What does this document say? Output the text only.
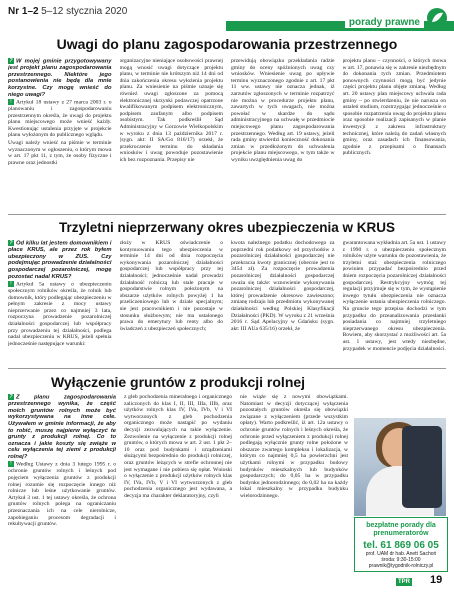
Nr 1–2 5–12 stycznia 2020
porady prawne
Uwagi do planu zagospodarowania przestrzennego

? W mojej gminie przygotowywany jest projekt planu zagospodarowania przestrzennego. Niektóre jego postanowienia nie będą dla mnie korzystne. Czy mogę wnieść do niego uwagi?

! Artykuł 18 ustawy z 27 marca 2003 r. o planowaniu i zagospodarowaniu przestrzennym określa, że uwagi do projektu planu miejscowego może wnieść każdy. Kwestionując ustalenia przyjęte w projekcie planu wyłożonym do publicznego wglądu.

Uwagi należy wnieść na piśmie w terminie wyznaczonym w ogłoszeniu, o którym mowa w art. 17 pkt 11, z tym, że osoby fizyczne i prawne oraz jednostki

organizacyjne nieniające osobowości prawnej mogą wnosić uwagi dotyczące projektu planu, w terminie nie krótszym niż 14 dni od dnia zakończenia okresu wyłożenia projektu planu. Za wniesienie na piśmie uznaje się również uwagi zgłoszone za pomocą elektronicznej skrzynki podawczej opatrzone kwalifikowanym podpisem elektronicznym, podpisem zaufanym albo podpisem osobistym. Tak podkreślił Sąd Administracyjny w Gorzowie Wielkopolskim w wyroku z dnia 13 października 2017 r. (sygn. akt: II SA/Go 816/17) orzekł, że przekroczenie terminu do składania wniosków i uwag powoduje pozostawienie ich bez rozpoznania. Przepisy nie
przewidują obowiązku przekładania radzie gminy do oceny spóźnionych uwag czy wniosków. Wniesienie uwag po upływie terminu wyznaczonego zgodnie z art. 17 pkt 11 ww. ustawy nie oznacza jednak, iż zarzutów zgłoszonych w terminie rozpatrzyć nie można w procedurze projektu planu, zawartych w tych uwagach, nie można powołać w skardze do sądu administracyjnego na uchwałę w przedmiocie miejscowego planu zagospodarowania przestrzennego. Według art. 19 ustawy, jeżeli rada gminy stwierdzi konieczność dokonania zmian w przedłożonym do uchwalenia projekcie planu miejscowego, w tym także w wyniku uwzględnienia uwag do
projektu planu – czynności, o których mowa w art. 17, ponawia się w zakresie niezbędnym do dokonania tych zmian. Przedmiotem ponownych czynności mogą być jedynie części projektu planu objęte zmianą. Według art. 20 ustawy plan miejscowy uchwala rada gminy – po stwierdzeniu, że nie narusza on ustaleń studium, rozstrzygając jednocześnie o sposobie rozpatrzenia uwag do projektu planu oraz sposobie realizacji zapisanych w planie inwestycji z zakresu infrastruktury technicznej, które należą do zadań własnych gminy, oraz zasadach ich finansowania, zgodnie z przepisami o finansach publicznych.
Trzyletni nieprzerwany okres ubezpieczenia w KRUS

? Od kilku lat jestem domownikiem i płace KRUS, ale przez rok byłem ubezpieczony w ZUS. Czy podejmując prowadzenie działalności gospodarczej pozarolniczej, mogę pozostać nadal KRUS?

! Artykuł 5a ustawy o ubezpieczeniu społecznym rolników określa, że rolnik lub domownik, który podlegając ubezpieczeniu w pełnym zakresie z mocy ustawy nieprzerwanie przez co najmniej 3 lata, rozpoczyna prowadzenie pozarolniczej działalności gospodarczej lub współpracy przy prowadzeniu tej działalności, podlega nadal ubezpieczeniu w KRUS, jeżeli spełnia jednocześnie następujące warunki:

złoży w KRUS oświadczenie o kontynuowaniu tego ubezpieczenia w terminie 14 dni od dnia rozpoczęcia wykonywania pozarolniczej działalności gospodarczej lub współpracy przy tej działalności; jednocześnie nadal prowadzi działalność rolniczą lub stale pracuje w gospodarstwie rolnym położonym na obszarze użytków rolnych powyżej 1 ha przeliczeniowego lub w dziale specjalnym; nie jest pracownikiem i nie pozostaje w stosunku służbowym; nie ma ustalonego prawa do emerytury lub renty albo do świadczeń z ubezpieczeń społecznych;
kwota należnego podatku dochodowego za poprzedni rok podatkowy od przychodów z pozarolniczej działalności gospodarczej nie przekracza kwoty granicznej (obecnie jest to 3454 zł). Za rozpoczęcie prowadzenia pozarolniczej działalności gospodarczej uważa się także: wznowienie wykonywania pozarolniczej działalności gospodarczej, której prowadzenie okresowo zawieszono; zmianę rodzaju lub przedmiotu wykonywanej działalności według Polskiej Klasyfikacji Działalności (PKD). W wyroku z 21 września 2016 r. Sąd Apelacyjny w Gdańsku (sygn. akt: III AUa 635/16) orzekł, że
gwarantowana wykładnia art. 5a ust. 1 ustawy z 1990 r. o ubezpieczeniu społecznym rolników użyte warunku do pozostawienia, że trzyletni staż ubezpieczenia rolniczego powinien przypadać bezpośrednio przed dniem rozpoczęcia pozarolniczej działalności gospodarczej. Restrykcyjny wymóg tej regulacji przyjmuje się w tym, że wystąpienie inwego tytułu ubezpieczenia nie oznacza wyłączenie ustania ubezpieczenia rolniczego. Na gruncie tego przepisu dochodzi w tym przypadku do przeanalizowania przesłanki posiadania co najmniej trzyletniego nieprzerwanego okresu ubezpieczenia. Bowiem, aby skorzystać z możliwości art. 5a ust. 1 ustawy, jest wtedy niezbędne, przypadek w momencie podjęcia działalności.
Wyłączenie gruntów z produkcji rolnej

? Z planu zagospodarowania przestrzennego wynika, że część moich gruntów rolnych może być wykorzystywana na inne cele. Używałem w gminie informacji, że aby to robić, muszę najpierw wyłączyć te grunty z produkcji rolnej. Co to oznacza i jakie koszty się zwiąże w celu wyłączenia tej ziemi z produkcji rolnej?

! Według Ustawy z dnia 3 lutego 1995 r. o ochronie gruntów rolnych i leśnych pod pojęciem wyłączenia gruntów z produkcji rolnej rozumie się rozpoczęcie innego niż rolnicze lub leśne użytkowanie gruntów. Artykuł 3 ust. 1 tej ustawy określa, że ochrona gruntów rolnych polega na ograniczaniu przeznaczania ich na cele nierolnicze, zapobieganiu procesom degradacji i rekultywacji gruntów.

z gleb pochodzenia mineralnego i organicznego zaliczonych do klas I, II, III, IIIa, IIIb, oraz użytków rolnych klas IV, IVa, IVb, V i VI wytworzonych z gleb pochodzenia organicznego może nastąpić po wydaniu decyzji zezwalających na takie wyłączenie. Zezwolenie na wyłączenie z produkcji rolnej gruntów, o których mowa w art. 2 ust. 1 pkt 2–10 oraz pod budynkami i urządzeniami służącymi bezpośrednio do produkcji rolniczej, oraz gruntów leżących w strefie ochronnej nie jest wymagane i nie pobiera się opłat. Wnioski o wyłączenie z produkcji użytków rolnych klas IV, IVa, IVb, V i VI wytworzonych z gleb pochodzenia organicznego jest wydawana, a decyzja ma charakter deklaratoryjny, czyli
nie wiąże się z nowymi obowiązkami. Natomiast w decyzji dotyczącej wyłączenia pozostałych gruntów określa się obowiązki związane z wyłączeniem (przede wszystkim opłaty). Warto podkreślić, iż art. 12a ustawy o ochronie gruntów rolnych i leśnych określa, że ochronie przed wyłączeniem z produkcji rolnej podlegają wyłącznie grunty rolne położone w obszarze zwartego kompleksu i lokalizacja, w którym co najmniej 0,5 ha powierzchni jest użytkami rolnymi w przypadku budowy budynków mieszkalnych lub budynków gospodarczych; do 0,05 ha w przypadku budynku jednorodzinnego; do 0,02 ha na każdy lokal mieszkalny w przypadku budynku wielorodzinnego.
bezpłatne porady dla prenumeratorów
tel. 61 869 06 05
prof. UAM dr hab. Anett Sachoń
środa: 9:30-15:00
prawnik@tygodnik-rolniczy.pl
TPR	19
